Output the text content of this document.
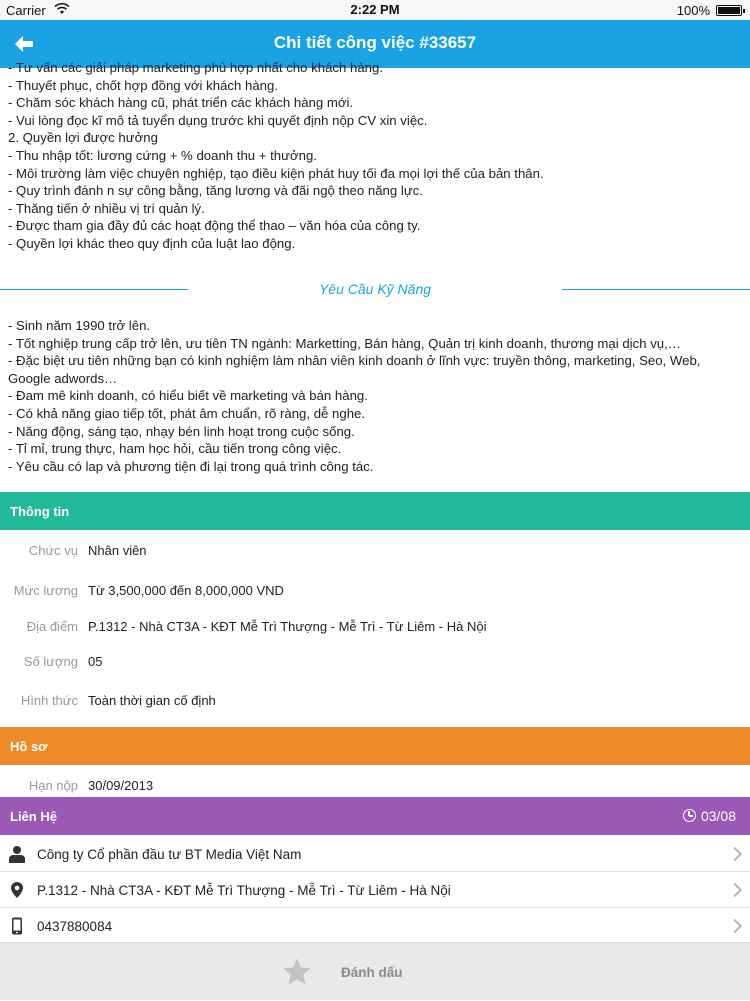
Carrier	2:22 PM	100%
Chi tiết công việc #33657
- Tư vấn các giải pháp marketing phù hợp nhất cho khách hàng.
- Thuyết phục, chốt hợp đồng với khách hàng.
- Chăm sóc khách hàng cũ, phát triển các khách hàng mới.
- Vui lòng đọc kĩ mô tả tuyển dụng trước khi quyết định nộp CV xin việc.
2. Quyền lợi được hưởng
- Thu nhập tốt: lương cứng + % doanh thu + thưởng.
- Môi trường làm việc chuyên nghiệp, tạo điều kiện phát huy tối đa mọi lợi thế của bản thân.
- Quy trình đánh n sự công bằng, tăng lương và đãi ngộ theo năng lực.
- Thăng tiến ở nhiều vị trí quản lý.
- Được tham gia đầy đủ các hoạt động thể thao – văn hóa của công ty.
- Quyền lợi khác theo quy định của luật lao động.
Yêu Cầu Kỹ Năng
- Sinh năm 1990 trở lên.
- Tốt nghiệp trung cấp trở lên, ưu tiên TN ngành: Marketting, Bán hàng, Quản trị kinh doanh, thương mại dịch vụ,…
- Đặc biệt ưu tiên những bạn có kinh nghiệm làm nhân viên kinh doanh ở lĩnh vực: truyền thông, marketing, Seo, Web, Google adwords…
- Đam mê kinh doanh, có hiểu biết về marketing và bán hàng.
- Có khả năng giao tiếp tốt, phát âm chuẩn, rõ ràng, dễ nghe.
- Năng động, sáng tạo, nhạy bén linh hoạt trong cuộc sống.
- Tỉ mỉ, trung thực, ham học hỏi, cầu tiến trong công việc.
- Yêu cầu có lap và phương tiện đi lại trong quá trình công tác.
Thông tin
Chức vụ Nhân viên
Mức lương Từ 3,500,000 đến 8,000,000 VND
Địa điểm P.1312 - Nhà CT3A - KĐT Mễ Trì Thượng - Mễ Trì - Từ Liêm - Hà Nội
Số lượng 05
Hình thức Toàn thời gian cố định
Hồ sơ
Hạn nộp 30/09/2013
Liên Hệ	03/08
Công ty Cổ phần đầu tư BT Media Việt Nam
P.1312 - Nhà CT3A - KĐT Mễ Trì Thượng - Mễ Trì - Từ Liêm - Hà Nội
0437880084
Đánh dấu
